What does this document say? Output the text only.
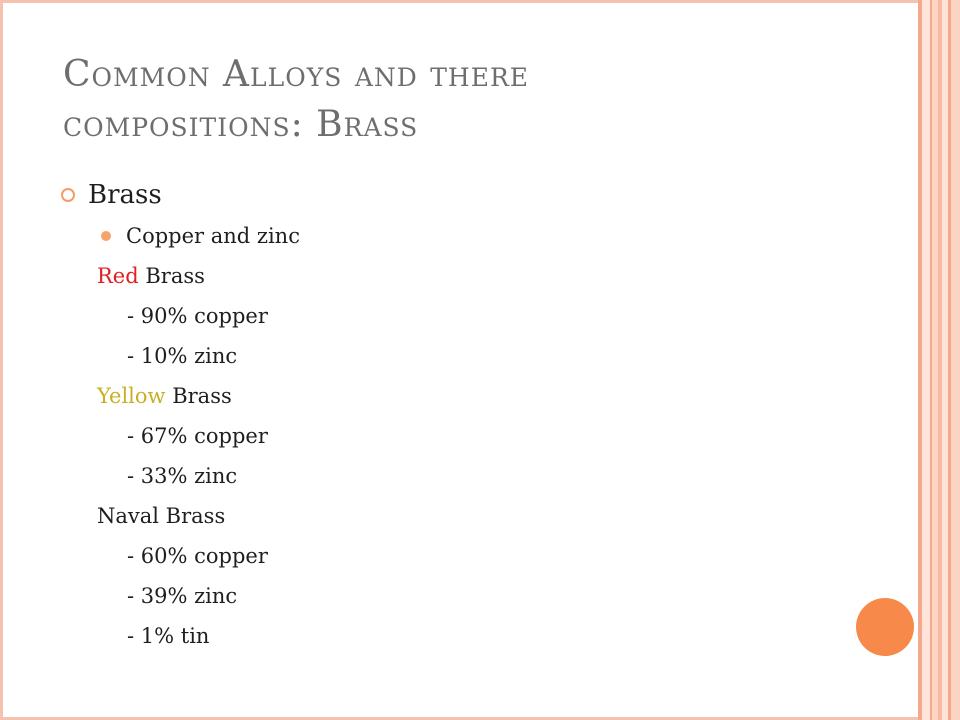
Common Alloys and there
compositions: Brass
Brass
Copper and zinc
Red Brass
- 90% copper
- 10% zinc
Yellow Brass
- 67% copper
- 33% zinc
Naval Brass
- 60% copper
- 39% zinc
- 1% tin
